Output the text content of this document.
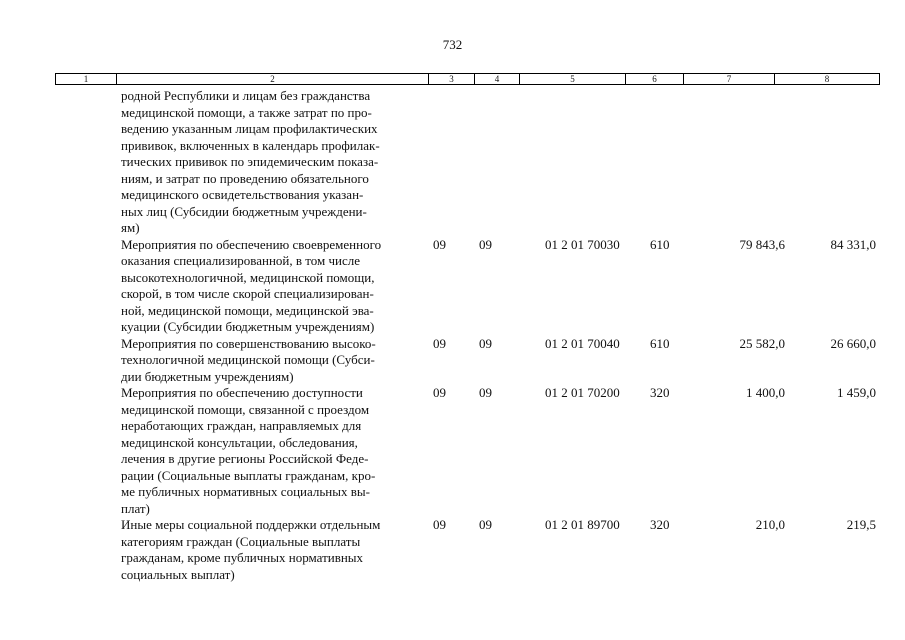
732
1	2	3	4	5	6	7	8
родной Республики и лицам без гражданства
медицинской помощи, а также затрат по про-
ведению указанным лицам профилактических
прививок, включенных в календарь профилак-
тических прививок по эпидемическим показа-
ниям, и затрат по проведению обязательного
медицинского освидетельствования указан-
ных лиц (Субсидии бюджетным учреждени-
ям)
Мероприятия по обеспечению своевременного
оказания специализированной, в том числе
высокотехнологичной, медицинской помощи,
скорой, в том числе скорой специализирован-
ной, медицинской помощи, медицинской эва-
куации (Субсидии бюджетным учреждениям)
09	09	01 2 01 70030 610	79 843,6	84 331,0
Мероприятия по совершенствованию высоко-
технологичной медицинской помощи (Субси-
дии бюджетным учреждениям)
09	09	01 2 01 70040 610	25 582,0	26 660,0
Мероприятия по обеспечению доступности
медицинской помощи, связанной с проездом
неработающих граждан, направляемых для
медицинской консультации, обследования,
лечения в другие регионы Российской Феде-
рации (Социальные выплаты гражданам, кро-
ме публичных нормативных социальных вы-
плат)
09	09	01 2 01 70200 320	1 400,0	1 459,0
Иные меры социальной поддержки отдельным
категориям граждан (Социальные выплаты
гражданам, кроме публичных нормативных
социальных выплат)
09	09	01 2 01 89700 320	210,0	219,5
